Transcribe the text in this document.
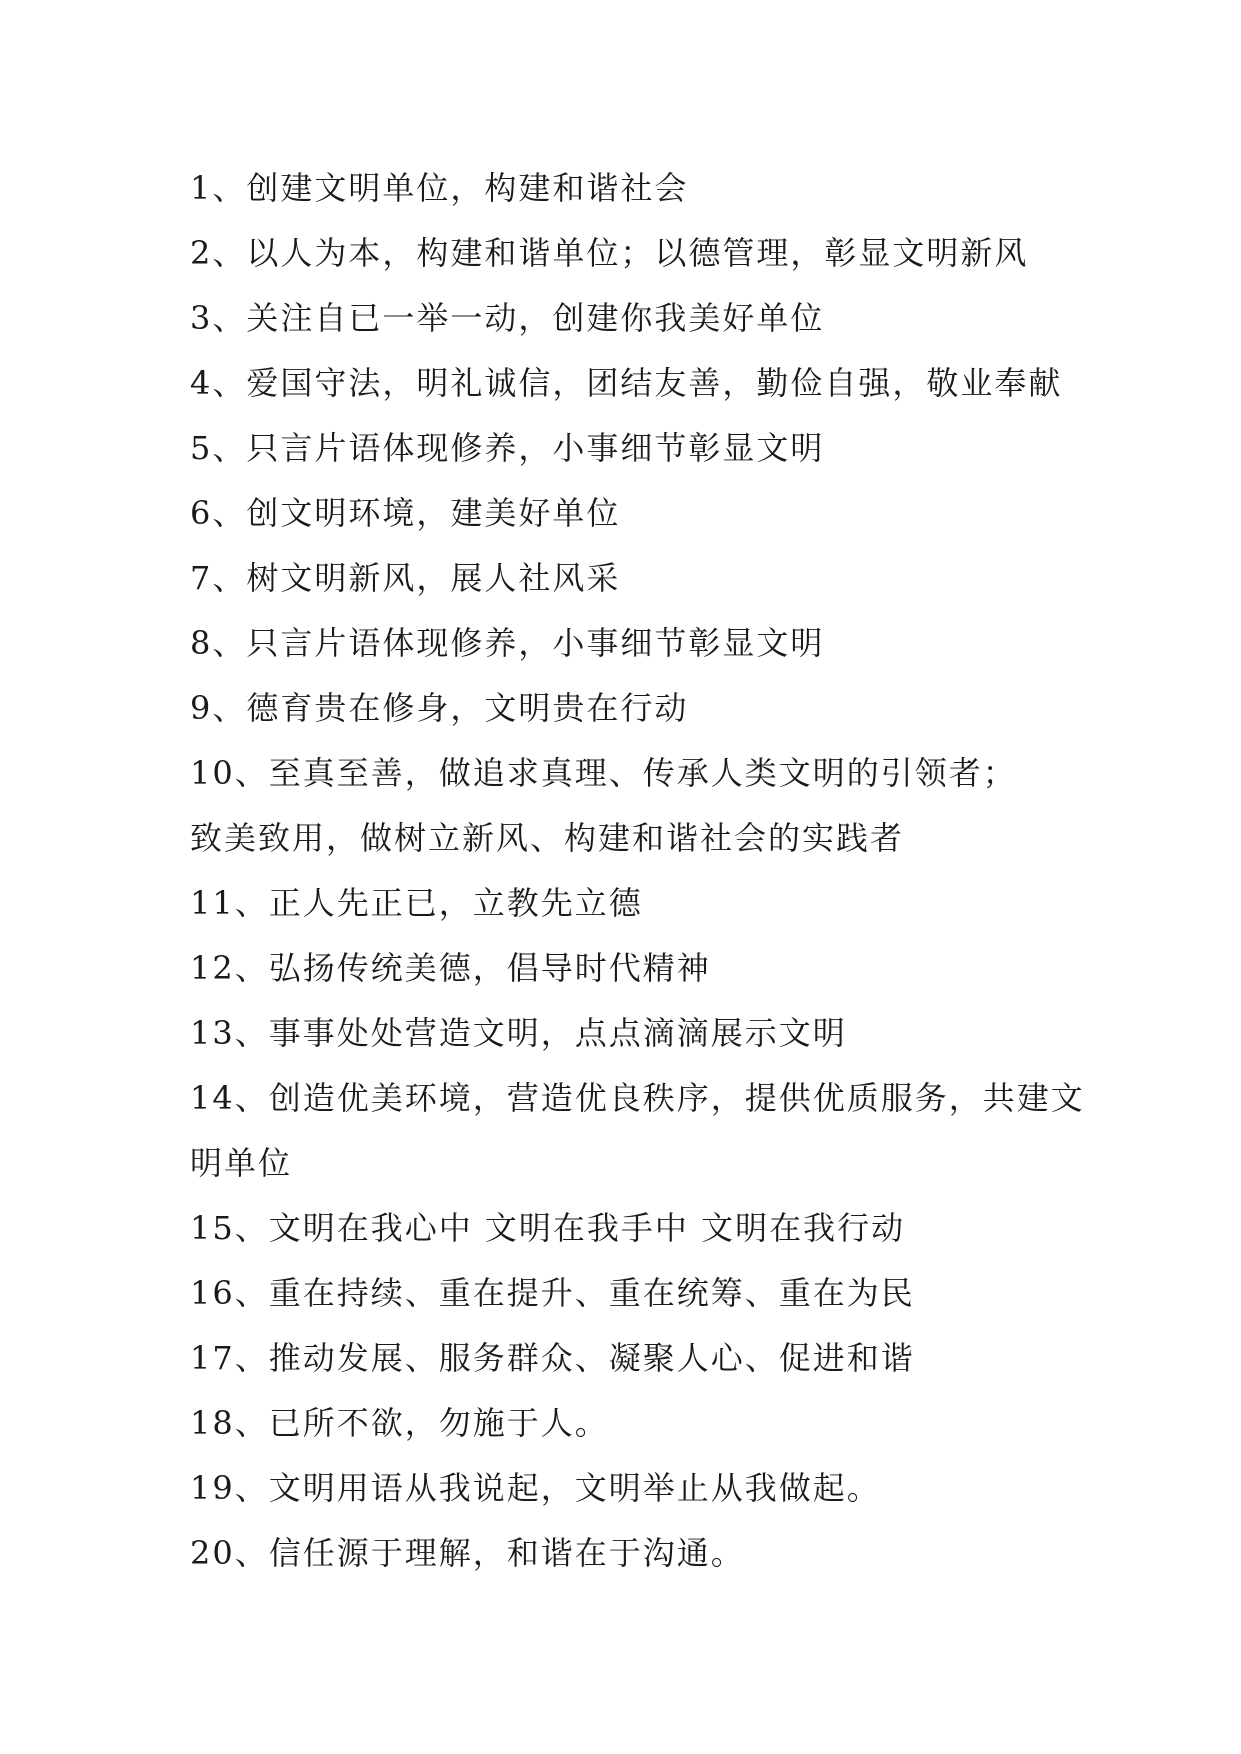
1、创建文明单位，构建和谐社会
2、以人为本，构建和谐单位；以德管理，彰显文明新风
3、关注自已一举一动，创建你我美好单位
4、爱国守法，明礼诚信，团结友善，勤俭自强，敬业奉献
5、只言片语体现修养，小事细节彰显文明
6、创文明环境，建美好单位
7、树文明新风，展人社风采
8、只言片语体现修养，小事细节彰显文明
9、德育贵在修身，文明贵在行动
10、至真至善，做追求真理、传承人类文明的引领者；
致美致用，做树立新风、构建和谐社会的实践者
11、正人先正已，立教先立德
12、弘扬传统美德，倡导时代精神
13、事事处处营造文明，点点滴滴展示文明
14、创造优美环境，营造优良秩序，提供优质服务，共建文
明单位
15、文明在我心中 文明在我手中 文明在我行动
16、重在持续、重在提升、重在统筹、重在为民
17、推动发展、服务群众、凝聚人心、促进和谐
18、已所不欲，勿施于人。
19、文明用语从我说起，文明举止从我做起。
20、信任源于理解，和谐在于沟通。
